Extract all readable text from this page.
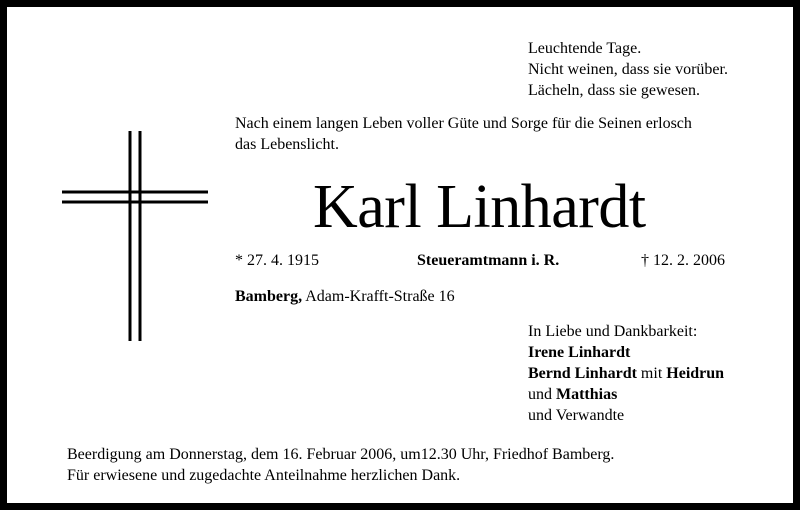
Leuchtende Tage.
Nicht weinen, dass sie vorüber.
Lächeln, dass sie gewesen.
Nach einem langen Leben voller Güte und Sorge für die Seinen erlosch
das Lebenslicht.
Karl Linhardt
* 27. 4. 1915	Steueramtmann i. R.	† 12. 2. 2006
Bamberg, Adam-Krafft-Straße 16
In Liebe und Dankbarkeit:
Irene Linhardt
Bernd Linhardt mit Heidrun
und Matthias
und Verwandte
Beerdigung am Donnerstag, dem 16. Februar 2006, um12.30 Uhr, Friedhof Bamberg.
Für erwiesene und zugedachte Anteilnahme herzlichen Dank.
